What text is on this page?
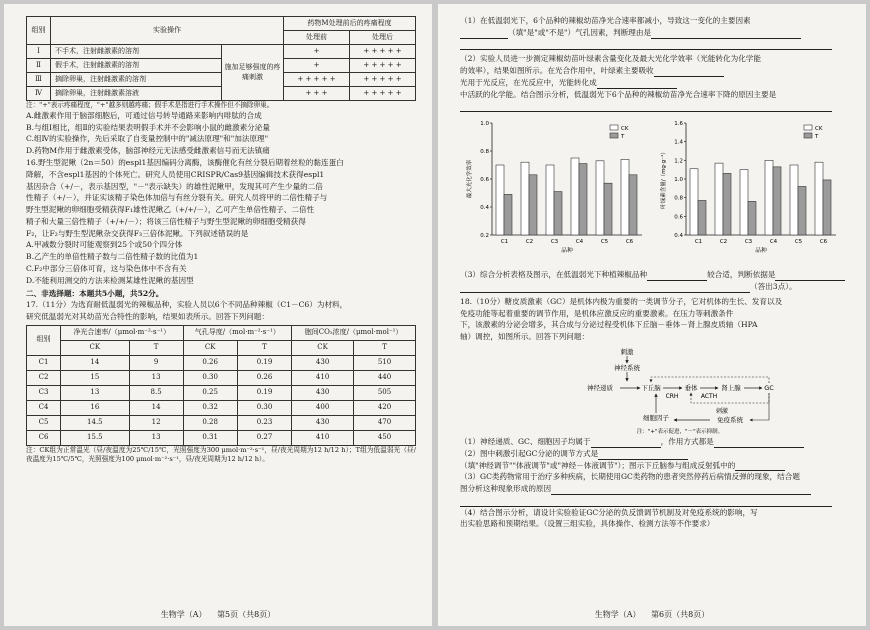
组别	实验操作		药物M处理前后的疼痛程度	
			处理前	处理后
Ⅰ	不手术，注射雌激素的溶剂	施加足够强度的疼痛刺激	+	+ + + + +
Ⅱ	假手术，注射雌激素的溶剂		+	+ + + + +
Ⅲ	摘除卵巢，注射雌激素的溶剂		+ + + + +	+ + + + +
Ⅳ	摘除卵巢，注射雌激素溶液		+ + +	+ + + + +

注："+"表示疼痛程度，"+"越多则越疼痛；假手术是指进行手术操作但不摘除卵巢。

A.雌激素作用于脑部细胞后，可通过信号转导通路来影响内啡肽的合成

B.与组Ⅰ相比，组Ⅱ的实验结果表明假手术并不会影响小鼠的雌激素分泌量

C.组Ⅳ的实验操作，先后采取了自变量控制中的"减法原理"和"加法原理"

D.药物M作用于雌激素受体，脑部神经元无法感受雌激素信号而无法镇痛

16.野生型泥鳅（2n＝50）的espl1基因编码分离酶，该酶催化有丝分裂后期着丝粒的黏连蛋白

降解，不含espl1基因的个体死亡。研究人员使用CRISPR/Cas9基因编辑技术获得espl1

基因杂合（+/－，表示基因型，"－"表示缺失）的雄性泥鳅甲，发现其可产生少量的二倍

性精子（+/－），并证实该精子染色体加倍与有丝分裂有关。研究人员将甲的二倍性精子与

野生型泥鳅的卵细胞受精获得F₁雄性泥鳅乙（+/+/－），乙可产生单倍性精子、二倍性

精子和大量三倍性精子（+/+/－）；将该三倍性精子与野生型泥鳅的卵细胞受精获得

F₂，让F₂与野生型泥鳅杂交获得F₃三倍体泥鳅。下列叙述错误的是

A.甲减数分裂时可能观察到25个或50个四分体

B.乙产生的单倍性精子数与二倍性精子数的比值为1

C.F₂中部分三倍体可育，这与染色体中不含有关

D.不能利用测交的方法来检测某雄性泥鳅的基因型

二、非选择题：本题共5小题，共52分。

17.（11分）为选育耐低温弱光的辣椒品种，实验人员以6个不同品种辣椒（C1－C6）为材料，

研究低温弱光对其幼苗光合特性的影响，结果如表所示。回答下列问题：

组别	净光合速率/（μmol·m⁻²·s⁻¹）		气孔导度/（mol·m⁻²·s⁻¹）		胞间CO₂浓度/（μmol·mol⁻¹）	
	CK	T	CK	T	CK	T
C1	14	9	0.26	0.19	430	510
C2	15	13	0.30	0.26	410	440
C3	13	8.5	0.25	0.19	430	505
C4	16	14	0.32	0.30	400	420
C5	14.5	12	0.28	0.23	430	470
C6	15.5	13	0.31	0.27	410	450

注：CK组为正常温光（昼/夜温度为25℃/15℃，光照强度为300 μmol·m⁻²·s⁻¹，昼/夜光周期为12 h/12 h）；T组为低温弱光（昼/夜温度为15℃/5℃，光照强度为100 μmol·m⁻²·s⁻¹，昼/夜光周期为12 h/12 h）。

生物学（A） 第5页（共8页）

（1）在低温弱光下，6个品种的辣椒幼苗净光合速率都减小，导致这一变化的主要因素

（填"是"或"不是"）气孔因素，判断理由是

（2）实验人员进一步测定辣椒幼苗叶绿素含量变化及最大光化学效率（光能转化为化学能

的效率），结果如图所示。在光合作用中，叶绿素主要吸收

光用于光反应，在光反应中，光能转化成

中活跃的化学能。结合图示分析，低温弱光下6个品种的辣椒幼苗净光合速率下降的原因主要是

0.2
0.4
0.6
0.8
1.0
最大光化学效率
C1	C2	C3	C4	C5	C6
品种
CK
T
0.4
0.6
0.8
1.0
1.2
1.4
1.6
叶绿素含量/（mg·g⁻¹）
C1	C2	C3	C4	C5	C6
品种
CK
T

（3）综合分析表格及图示，在低温弱光下种植辣椒品种	较合适，判断依据是

（答出3点）。

18.（10分）糖皮质激素（GC）是机体内极为重要的一类调节分子，它对机体的生长、发育以及

免疫功能等起着重要的调节作用，是机体应激反应的重要激素。在压力等刺激条件

下，该激素的分泌会增多，其合成与分泌过程受机体下丘脑－垂体－肾上腺皮质轴（HPA

轴）调控，如图所示。回答下列问题：

刺激
神经系统
神经递质	下丘脑
CRH
垂体
ACTH
肾上腺	GC
细胞因子
刺激
免疫系统
注："+"表示促进，"－"表示抑制。

（1）神经递质、GC、细胞因子均属于	，作用方式都是

（2）图中刺激引起GC分泌的调节方式是

（填"神经调节""体液调节"或"神经－体液调节"）；图示下丘脑参与组成反射弧中的

（3）GC类药物常用于治疗多种疾病，长期使用GC类药物的患者突然停药后病情反弹的现象，结合题

图分析这种现象形成的原因

（4）结合图示分析，请设计实验验证GC分泌的负反馈调节机制及对免疫系统的影响，写

出实验思路和预期结果。（设置三组实验，具体操作、检测方法等不作要求）

生物学（A） 第6页（共8页）
